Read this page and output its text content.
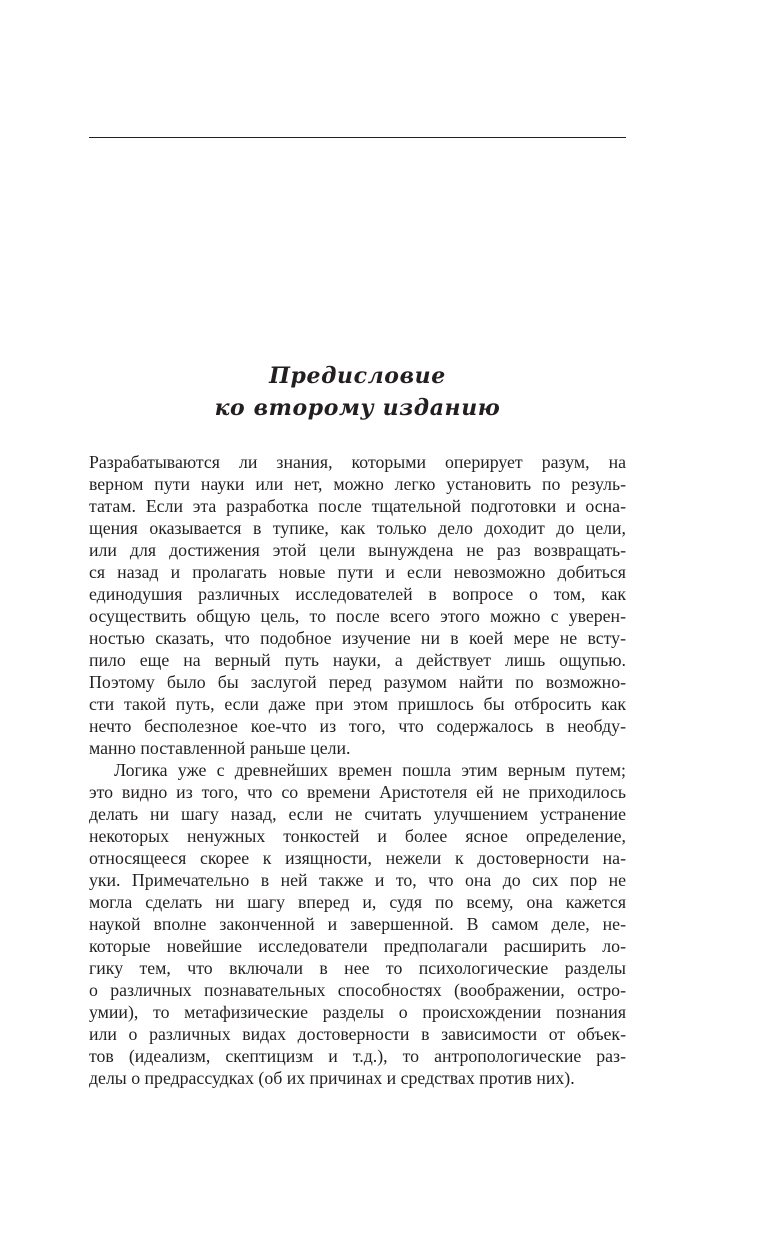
Предисловие
ко второму изданию
Разрабатываются ли знания, которыми оперирует разум, на
верном пути науки или нет, можно легко установить по резуль-
татам. Если эта разработка после тщательной подготовки и осна-
щения оказывается в тупике, как только дело доходит до цели,
или для достижения этой цели вынуждена не раз возвращать-
ся назад и пролагать новые пути и если невозможно добиться
единодушия различных исследователей в вопросе о том, как
осуществить общую цель, то после всего этого можно с уверен-
ностью сказать, что подобное изучение ни в коей мере не всту-
пило еще на верный путь науки, а действует лишь ощупью.
Поэтому было бы заслугой перед разумом найти по возможно-
сти такой путь, если даже при этом пришлось бы отбросить как
нечто бесполезное кое-что из того, что содержалось в необду-
манно поставленной раньше цели.
Логика уже с древнейших времен пошла этим верным путем;
это видно из того, что со времени Аристотеля ей не приходилось
делать ни шагу назад, если не считать улучшением устранение
некоторых ненужных тонкостей и более ясное определение,
относящееся скорее к изящности, нежели к достоверности на-
уки. Примечательно в ней также и то, что она до сих пор не
могла сделать ни шагу вперед и, судя по всему, она кажется
наукой вполне законченной и завершенной. В самом деле, не-
которые новейшие исследователи предполагали расширить ло-
гику тем, что включали в нее то психологические разделы
о различных познавательных способностях (воображении, остро-
умии), то метафизические разделы о происхождении познания
или о различных видах достоверности в зависимости от объек-
тов (идеализм, скептицизм и т.д.), то антропологические раз-
делы о предрассудках (об их причинах и средствах против них).
